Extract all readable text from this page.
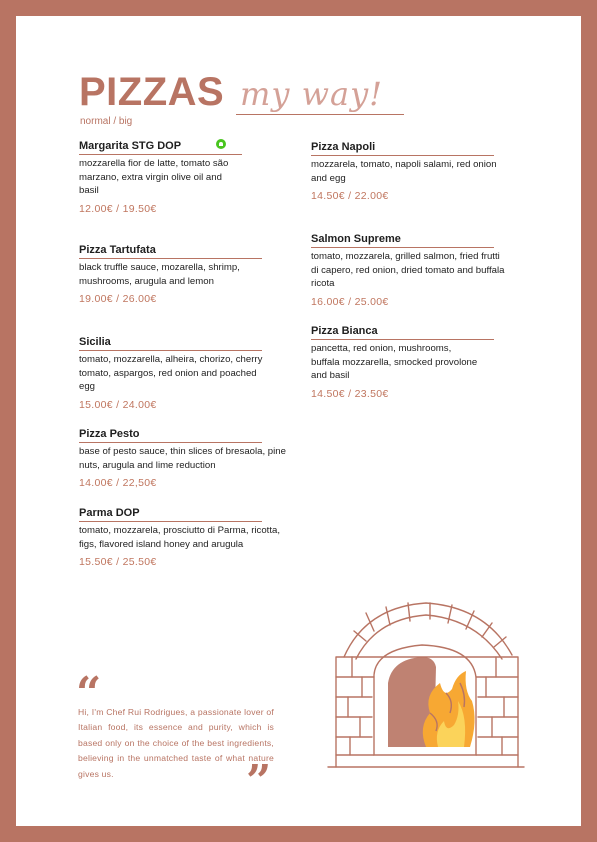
PIZZAS my way!
normal / big
Margarita STG DOP
mozzarella fior de latte, tomato são marzano, extra virgin olive oil and basil
12.00€ / 19.50€
Pizza Tartufata
black truffle sauce, mozarella, shrimp, mushrooms, arugula and lemon
19.00€ / 26.00€
Sicilia
tomato, mozzarella, alheira, chorizo, cherry tomato, aspargos, red onion and poached egg
15.00€ / 24.00€
Pizza Pesto
base of pesto sauce, thin slices of bresaola, pine nuts, arugula and lime reduction
14.00€ / 22,50€
Parma DOP
tomato, mozzarela, prosciutto di Parma, ricotta, figs, flavored island honey and arugula
15.50€ / 25.50€
Pizza Napoli
mozzarela, tomato, napoli salami, red onion and egg
14.50€ / 22.00€
Salmon Supreme
tomato, mozzarela, grilled salmon, fried frutti di capero, red onion, dried tomato and buffala ricota
16.00€ / 25.00€
Pizza Bianca
pancetta, red onion, mushrooms, buffala mozzarella, smocked provolone and basil
14.50€ / 23.50€
“
Hi, I'm Chef Rui Rodrigues, a passionate lover of Italian food, its essence and purity, which is based only on the choice of the best ingredients, believing in the unmatched taste of what nature gives us.	”
